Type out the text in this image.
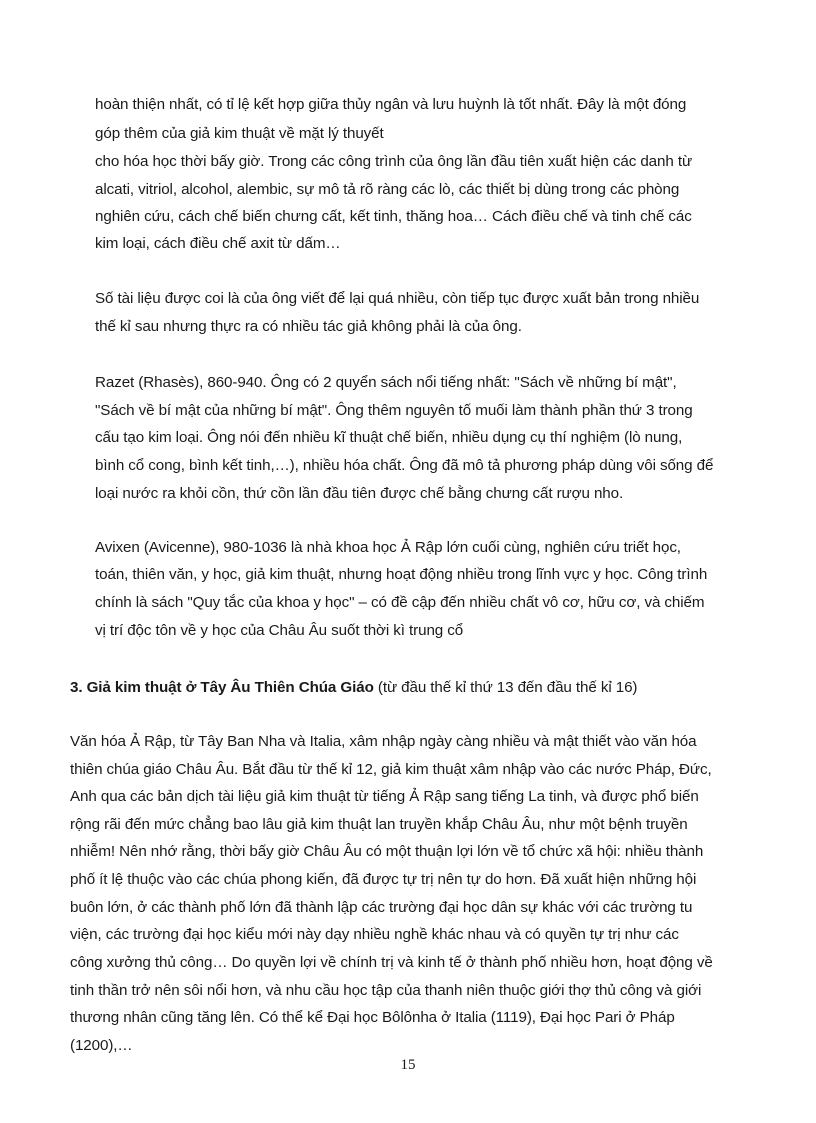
hoàn thiện nhất, có tỉ lệ kết hợp giữa thủy ngân và lưu huỳnh là tốt nhất. Đây là một đóng
góp thêm của giả kim thuật về mặt lý thuyết
cho hóa học thời bấy giờ. Trong các công trình của ông lần đầu tiên xuất hiện các danh từ
alcati, vitriol, alcohol, alembic, sự mô tả rõ ràng các lò, các thiết bị dùng trong các phòng
nghiên cứu, cách chế biến chưng cất, kết tinh, thăng hoa… Cách điều chế và tinh chế các
kim loại, cách điều chế axit từ dấm…
Số tài liệu được coi là của ông viết để lại quá nhiều, còn tiếp tục được xuất bản trong nhiều
thế kỉ sau nhưng thực ra có nhiều tác giả không phải là của ông.
Razet (Rhasès), 860-940. Ông có 2 quyển sách nổi tiếng nhất: "Sách về những bí mật",
"Sách về bí mật của những bí mật". Ông thêm nguyên tố muối làm thành phần thứ 3 trong
cấu tạo kim loại. Ông nói đến nhiều kĩ thuật chế biến, nhiều dụng cụ thí nghiệm (lò nung,
bình cổ cong, bình kết tinh,…), nhiều hóa chất. Ông đã mô tả phương pháp dùng vôi sống để
loại nước ra khỏi cồn, thứ cồn lần đầu tiên được chế bằng chưng cất rượu nho.
Avixen (Avicenne), 980-1036 là nhà khoa học Ả Rập lớn cuối cùng, nghiên cứu triết học,
toán, thiên văn, y học, giả kim thuật, nhưng hoạt động nhiều trong lĩnh vực y học. Công trình
chính là sách "Quy tắc của khoa y học" – có đề cập đến nhiều chất vô cơ, hữu cơ, và chiếm
vị trí độc tôn về y học của Châu Âu suốt thời kì trung cổ
3. Giả kim thuật ở Tây Âu Thiên Chúa Giáo (từ đầu thế kỉ thứ 13 đến đầu thế kỉ 16)
Văn hóa Ả Rập, từ Tây Ban Nha và Italia, xâm nhập ngày càng nhiều và mật thiết vào văn hóa
thiên chúa giáo Châu Âu. Bắt đầu từ thế kỉ 12, giả kim thuật xâm nhập vào các nước Pháp, Đức,
Anh qua các bản dịch tài liệu giả kim thuật từ tiếng Ả Rập sang tiếng La tinh, và được phổ biến
rộng rãi đến mức chẳng bao lâu giả kim thuật lan truyền khắp Châu Âu, như một bệnh truyền
nhiễm! Nên nhớ rằng, thời bấy giờ Châu Âu có một thuận lợi lớn về tổ chức xã hội: nhiều thành
phố ít lệ thuộc vào các chúa phong kiến, đã được tự trị nên tự do hơn. Đã xuất hiện những hội
buôn lớn, ở các thành phố lớn đã thành lập các trường đại học dân sự khác với các trường tu
viện, các trường đại học kiểu mới này dạy nhiều nghề khác nhau và có quyền tự trị như các
công xưởng thủ công… Do quyền lợi về chính trị và kinh tế ở thành phố nhiều hơn, hoạt động về
tinh thần trở nên sôi nổi hơn, và nhu cầu học tập của thanh niên thuộc giới thợ thủ công và giới
thương nhân cũng tăng lên. Có thể kể Đại học Bôlônha ở Italia (1119), Đại học Pari ở Pháp
(1200),…
15
